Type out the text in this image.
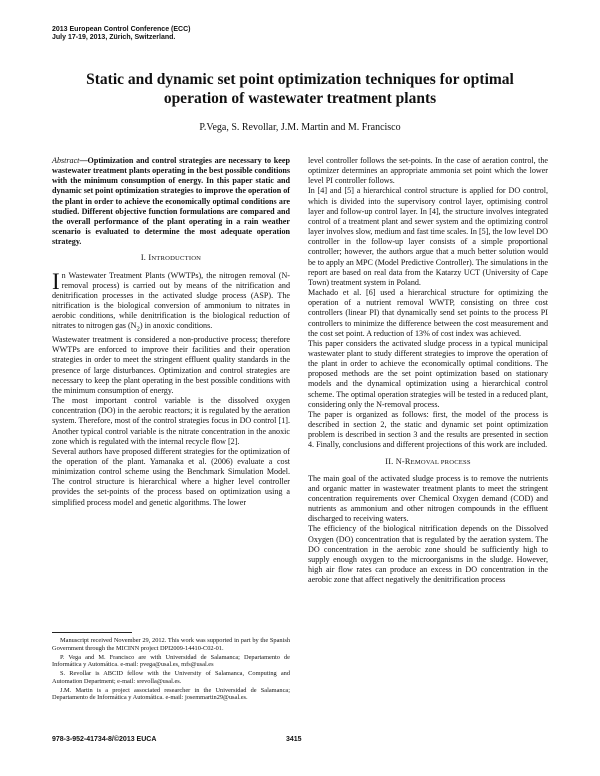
2013 European Control Conference (ECC)
July 17-19, 2013, Zürich, Switzerland.
Static and dynamic set point optimization techniques for optimal
operation of wastewater treatment plants
P.Vega, S. Revollar, J.M. Martin and M. Francisco

Abstract—Optimization and control strategies are necessary to keep wastewater treatment plants operating in the best possible conditions with the minimum consumption of energy. In this paper static and dynamic set point optimization strategies to improve the operation of the plant in order to achieve the economically optimal conditions are studied. Different objective function formulations are compared and the overall performance of the plant operating in a rain weather scenario is evaluated to determine the most adequate operation strategy.

I. INTRODUCTION

In Wastewater Treatment Plants (WWTPs), the nitrogen removal (N-removal process) is carried out by means of the nitrification and denitrification processes in the activated sludge process (ASP). The nitrification is the biological conversion of ammonium to nitrates in aerobic conditions, while denitrification is the biological reduction of nitrates to nitrogen gas $(N_2)$ in anoxic conditions.

Wastewater treatment is considered a non-productive process; therefore WWTPs are enforced to improve their facilities and their operation strategies in order to meet the stringent effluent quality standards in the presence of large disturbances. Optimization and control strategies are necessary to keep the plant operating in the best possible conditions with the minimum consumption of energy.

The most important control variable is the dissolved oxygen concentration (DO) in the aerobic reactors; it is regulated by the aeration system. Therefore, most of the control strategies focus in DO control [1]. Another typical control variable is the nitrate concentration in the anoxic zone which is regulated with the internal recycle flow [2].

Several authors have proposed different strategies for the optimization of the operation of the plant. Yamanaka et al. (2006) evaluate a cost minimization control scheme using the Benchmark Simulation Model. The control structure is hierarchical where a higher level controller provides the set-points of the process based on optimization using a simplified process model and genetic algorithms. The lower

Manuscript received November 29, 2012. This work was supported in part by the Spanish Government through the MICINN project DPI2009-14410-C02-01.

P. Vega and M. Francisco are with Universidad de Salamanca; Departamento de Informática y Automática. e-mail: pvega@usal.es, mfs@usal.es

S. Revollar is ABCID fellow with the University of Salamanca, Computing and Automation Department; e-mail: srevolla@usal.es.

J.M. Martin is a project associated researcher in the Universidad de Salamanca; Departamento de Informática y Automática. e-mail: josemmartin29@usal.es.

level controller follows the set-points. In the case of aeration control, the optimizer determines an appropriate ammonia set point which the lower level PI controller follows.

In [4] and [5] a hierarchical control structure is applied for DO control, which is divided into the supervisory control layer, optimising control layer and follow-up control layer. In [4], the structure involves integrated control of a treatment plant and sewer system and the optimizing control layer involves slow, medium and fast time scales. In [5], the low level DO controller in the follow-up layer consists of a simple proportional controller; however, the authors argue that a much better solution would be to apply an MPC (Model Predictive Controller). The simulations in the report are based on real data from the Katarzy UCT (University of Cape Town) treatment system in Poland.

Machado et al. [6] used a hierarchical structure for optimizing the operation of a nutrient removal WWTP, consisting on three cost controllers (linear PI) that dynamically send set points to the process PI controllers to minimize the difference between the cost measurement and the cost set point. A reduction of 13% of cost index was achieved.

This paper considers the activated sludge process in a typical municipal wastewater plant to study different strategies to improve the operation of the plant in order to achieve the economically optimal conditions. The proposed methods are the set point optimization based on stationary models and the dynamical optimization using a hierarchical control scheme. The optimal operation strategies will be tested in a reduced plant, considering only the N-removal process.

The paper is organized as follows: first, the model of the process is described in section 2, the static and dynamic set point optimization problem is described in section 3 and the results are presented in section 4. Finally, conclusions and different projections of this work are included.

II. N-REMOVAL PROCESS

The main goal of the activated sludge process is to remove the nutrients and organic matter in wastewater treatment plants to meet the stringent concentration requirements over Chemical Oxygen demand (COD) and nutrients as ammonium and other nitrogen compounds in the effluent discharged to receiving waters.

The efficiency of the biological nitrification depends on the Dissolved Oxygen (DO) concentration that is regulated by the aeration system. The DO concentration in the aerobic zone should be sufficiently high to supply enough oxygen to the microorganisms in the sludge. However, high air flow rates can produce an excess in DO concentration in the aerobic zone that affect negatively the denitrification process

978-3-952-41734-8/©2013 EUCA	3415
